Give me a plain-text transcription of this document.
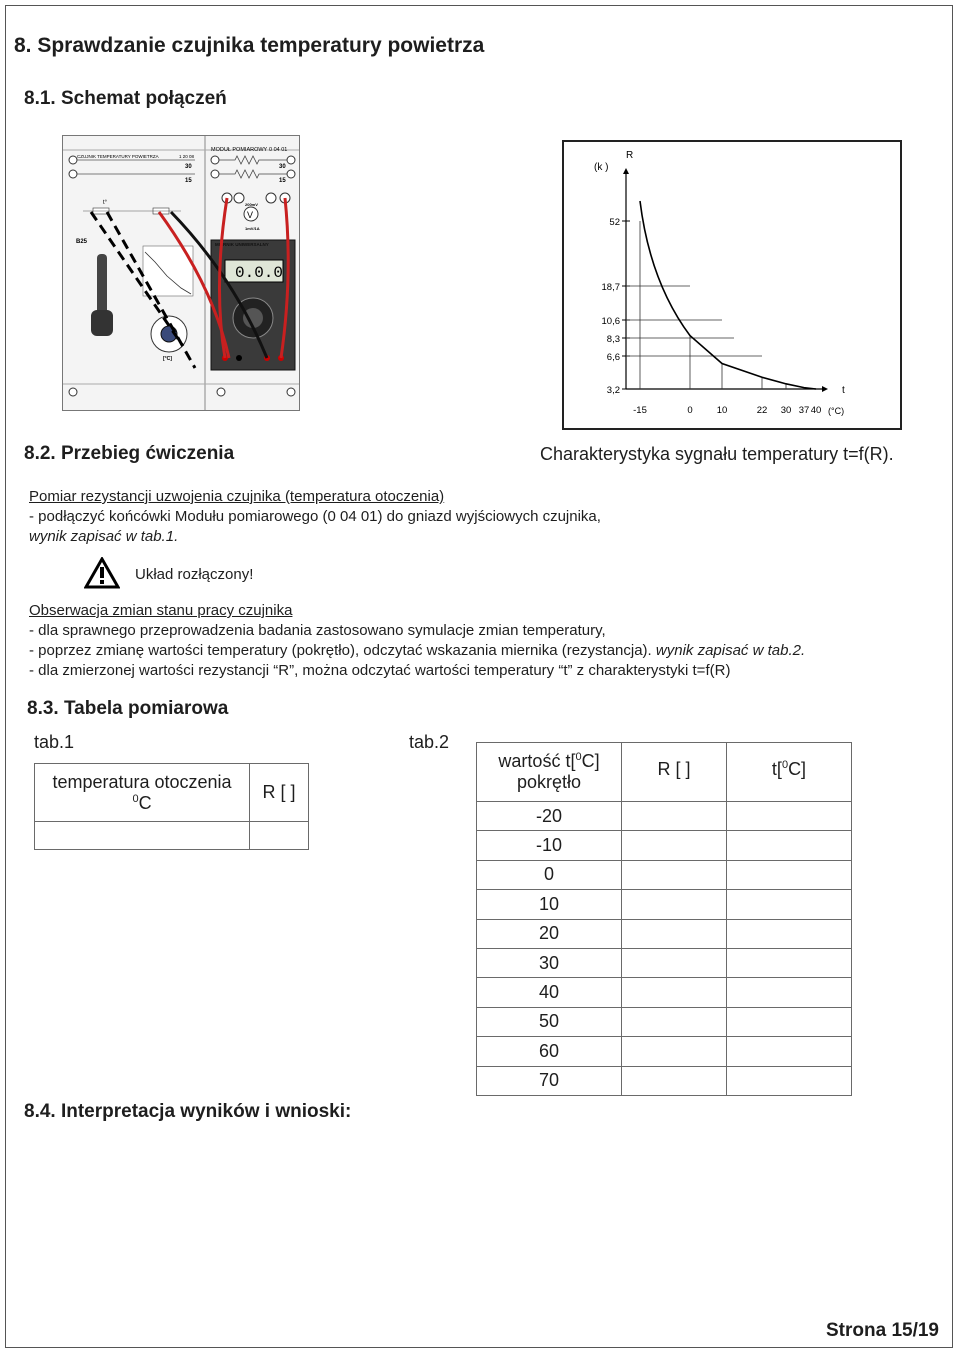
8. Sprawdzanie czujnika temperatury powietrza
8.1. Schemat połączeń
CZUJNIK TEMPERATURY POWIETRZA	1 20 08
MODUŁ POMIAROWY 0 04 01
30
15
30
15
V
200mV
1mV/1A
t°
B25	MIERNIK UNIWERSALNY
0.0.0
[°C]
R
(k )
t
(°C)
52
18,7
10,6
8,3
6,6
3,2
-15	0	10	22 30 37 40
8.2. Przebieg ćwiczenia	Charakterystyka sygnału temperatury t=f(R).
Pomiar rezystancji uzwojenia czujnika (temperatura otoczenia)
- podłączyć końcówki Modułu pomiarowego (0 04 01) do gniazd wyjściowych czujnika,
wynik zapisać w tab.1.
Układ rozłączony!
Obserwacja zmian stanu pracy czujnika
- dla sprawnego przeprowadzenia badania zastosowano symulacje zmian temperatury,
- poprzez zmianę wartości temperatury (pokrętło), odczytać wskazania miernika (rezystancja). wynik zapisać w tab.2.
- dla zmierzonej wartości rezystancji “R”, można odczytać wartości temperatury “t” z charakterystyki t=f(R)
8.3. Tabela pomiarowa
tab.1
temperatura otoczenia
$^0$C	R [ ]

tab.2
wartość t[$^0$C]
pokrętło	R [ ]	t[$^0$C]
-20		
-10		
0		
10		
20		
30		
40		
50		
60		
70		
8.4. Interpretacja wyników i wnioski:
Strona 15/19
